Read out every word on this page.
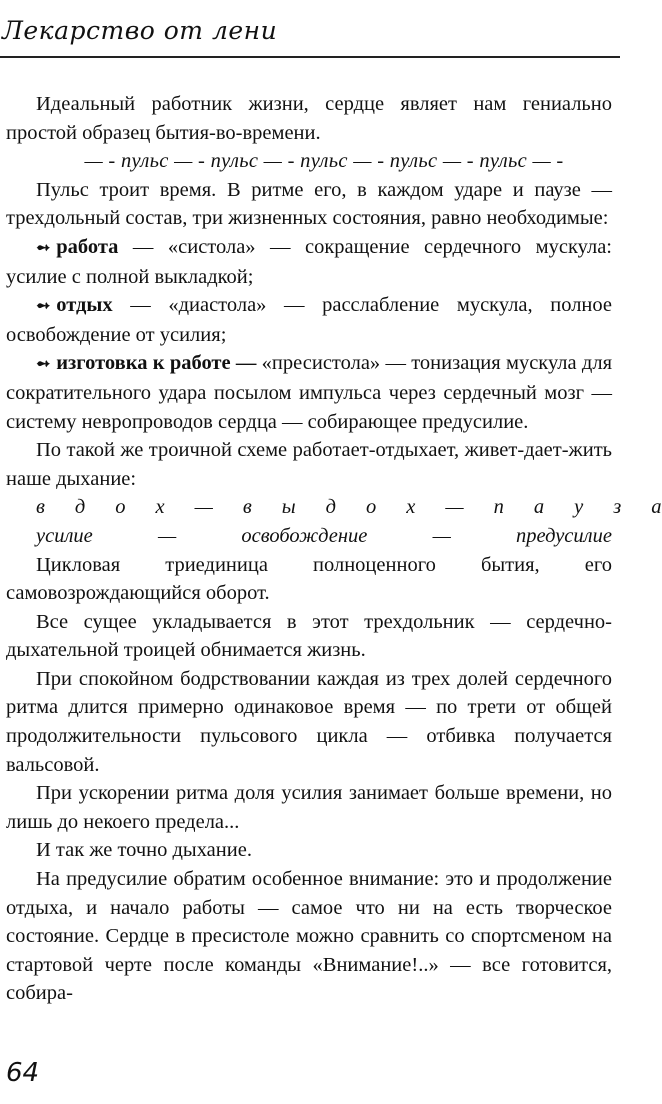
Лекарство от лени

Идеальный работник жизни, сердце являет нам гениально простой образец бытия-во-времени.

— - пульс — - пульс — - пульс — - пульс — - пульс — -

Пульс троит время. В ритме его, в каждом ударе и паузе — трехдольный состав, три жизненных состояния, равно необходимые:

➻ работа — «систола» — сокращение сердечного мускула: усилие с полной выкладкой;

➻ отдых — «диастола» — расслабление мускула, полное освобождение от усилия;

➻ изготовка к работе — «пресистола» — тонизация мускула для сократительного удара посылом импульса через сердечный мозг — систему невропроводов сердца — собирающее предусилие.

По такой же троичной схеме работает-отдыхает, живет-дает-жить наше дыхание:

в	д	о	х	—	в	ы	д	о	х	—	п	а	у	з	а

усилие	—	освобождение	—	предусилие

Цикловая триединица полноценного бытия, его самовозрождающийся оборот.

Все сущее укладывается в этот трехдольник — сердечно-дыхательной троицей обнимается жизнь.

При спокойном бодрствовании каждая из трех долей сердечного ритма длится примерно одинаковое время — по трети от общей продолжительности пульсового цикла — отбивка получается вальсовой.

При ускорении ритма доля усилия занимает больше времени, но лишь до некоего предела...

И так же точно дыхание.

На предусилие обратим особенное внимание: это и продолжение отдыха, и начало работы — самое что ни на есть творческое состояние. Сердце в пресистоле можно сравнить со спортсменом на стартовой черте после команды «Внимание!..» — все готовится, собира-

64
